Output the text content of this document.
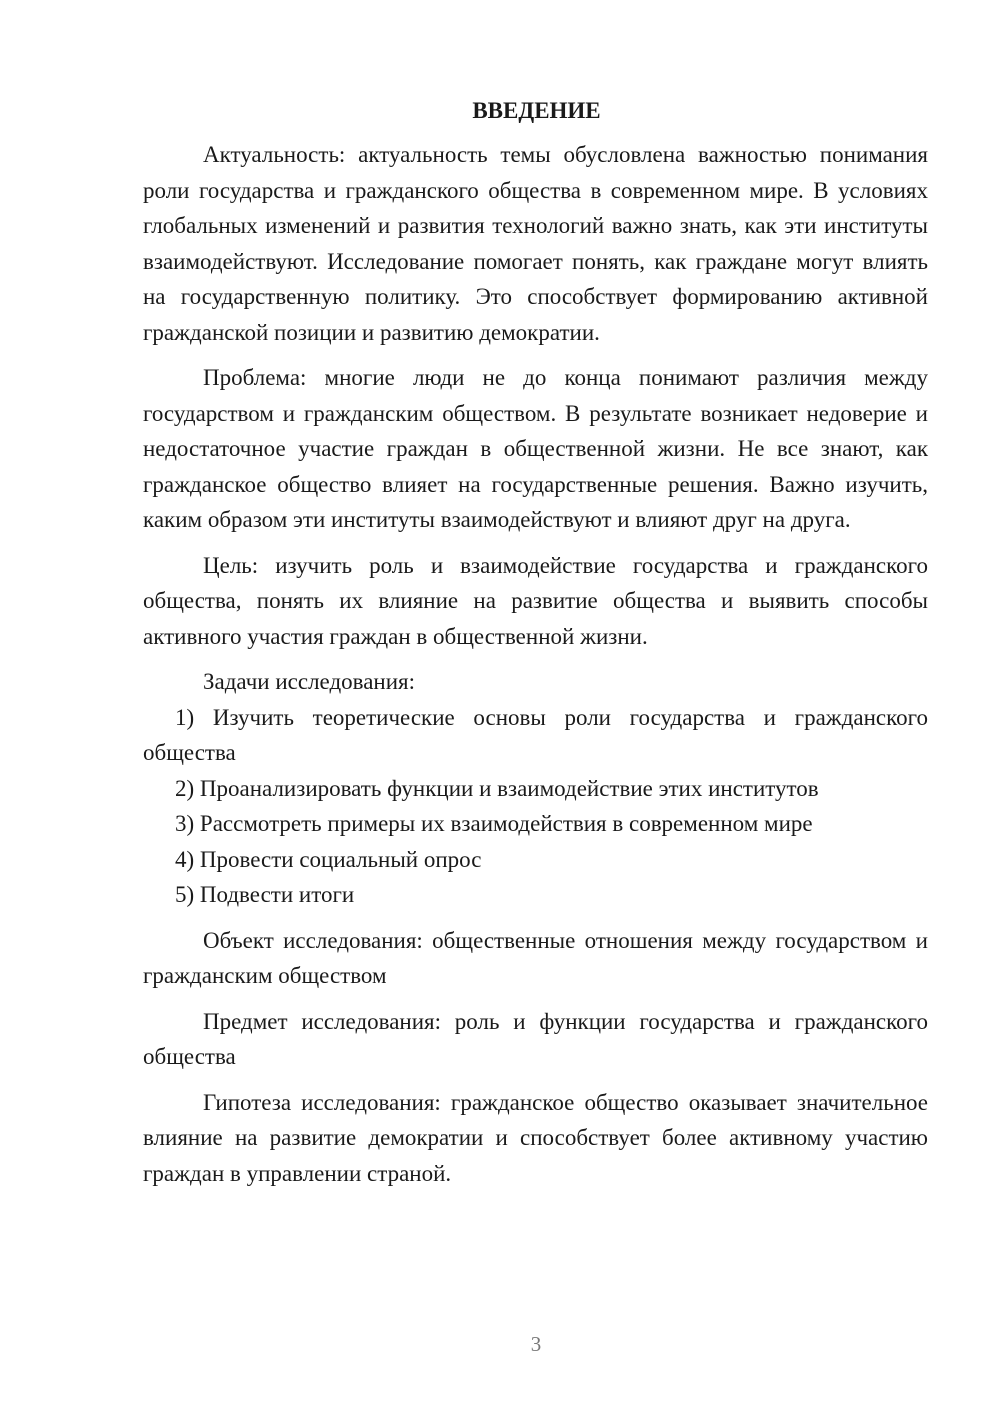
ВВЕДЕНИЕ

Актуальность: актуальность темы обусловлена важностью понимания роли государства и гражданского общества в современном мире. В условиях глобальных изменений и развития технологий важно знать, как эти институты взаимодействуют. Исследование помогает понять, как граждане могут влиять на государственную политику. Это способствует формированию активной гражданской позиции и развитию демократии.

Проблема: многие люди не до конца понимают различия между государством и гражданским обществом. В результате возникает недоверие и недостаточное участие граждан в общественной жизни. Не все знают, как гражданское общество влияет на государственные решения. Важно изучить, каким образом эти институты взаимодействуют и влияют друг на друга.

Цель: изучить роль и взаимодействие государства и гражданского общества, понять их влияние на развитие общества и выявить способы активного участия граждан в общественной жизни.

Задачи исследования:

1) Изучить теоретические основы роли государства и гражданского общества

2) Проанализировать функции и взаимодействие этих институтов

3) Рассмотреть примеры их взаимодействия в современном мире

4) Провести социальный опрос

5) Подвести итоги

Объект исследования: общественные отношения между государством и гражданским обществом

Предмет исследования: роль и функции государства и гражданского общества

Гипотеза исследования: гражданское общество оказывает значительное влияние на развитие демократии и способствует более активному участию граждан в управлении страной.

3
